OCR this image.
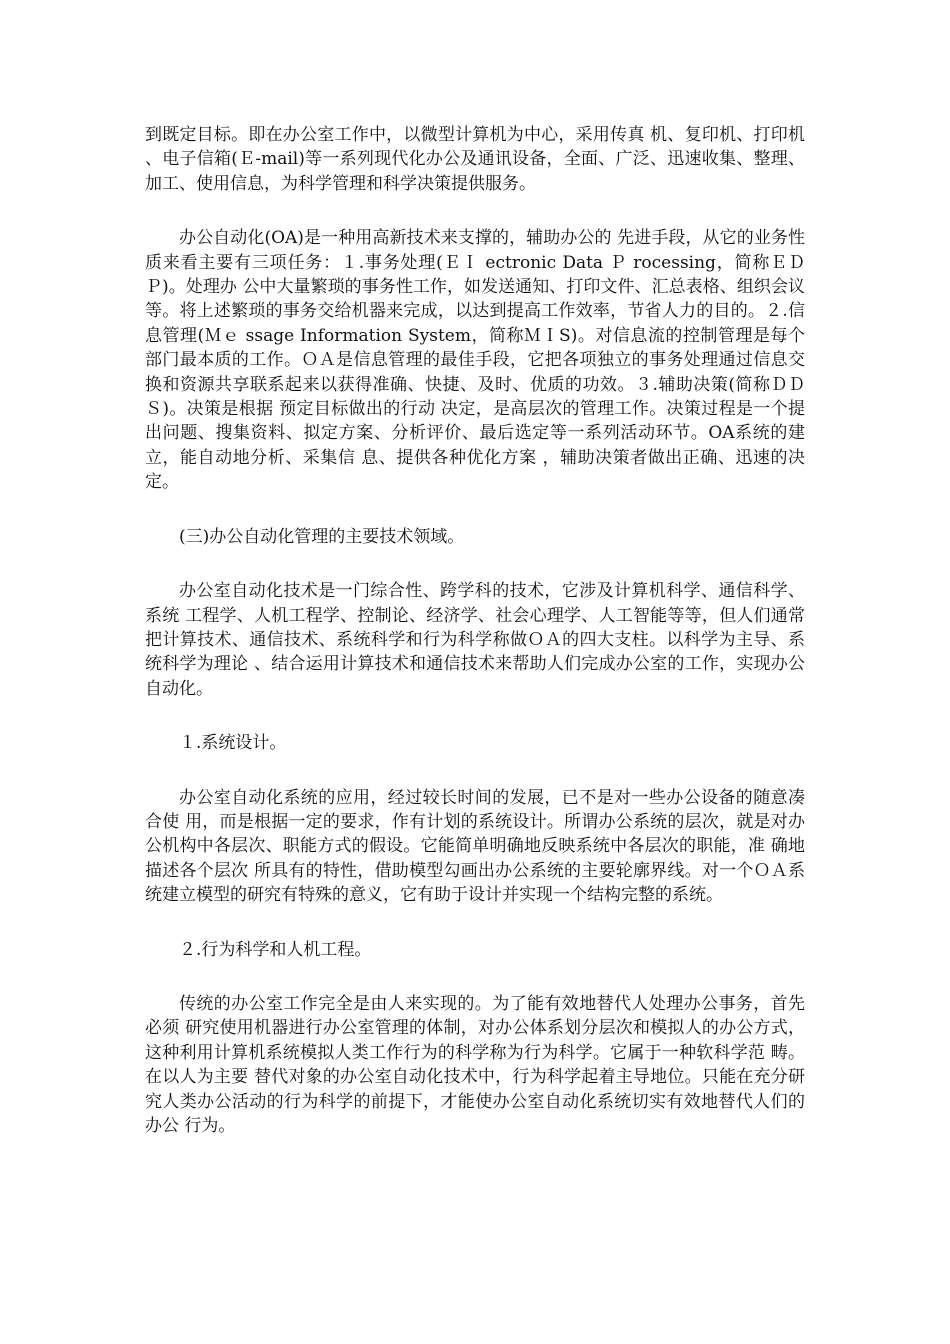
到既定目标。即在办公室工作中，以微型计算机为中心，采用传真 机、复印机、打印机 、电子信箱(Ｅ-mail)等一系列现代化办公及通讯设备，全面、广泛、迅速收集、整理、加工、使用信息，为科学管理和科学决策提供服务。

办公自动化(OA)是一种用高新技术来支撑的，辅助办公的 先进手段，从它的业务性质来看主要有三项任务：１.事务处理(ＥＩ ectronic Data Ｐ rocessing，简称ＥＤＰ)。处理办 公中大量繁琐的事务性工作，如发送通知、打印文件、汇总表格、组织会议等。将上述繁琐的事务交给机器来完成，以达到提高工作效率，节省人力的目的。２.信 息管理(Ｍｅ ssage Information System，简称ＭＩS)。对信息流的控制管理是每个部门最本质的工作。ＯＡ是信息管理的最佳手段，它把各项独立的事务处理通过信息交换和资源共享联系起来以获得准确、快捷、及时、优质的功效。３.辅助决策(简称ＤＤＳ)。决策是根据 预定目标做出的行动 决定，是高层次的管理工作。决策过程是一个提出问题、搜集资料、拟定方案、分析评价、最后选定等一系列活动环节。OA系统的建立，能自动地分析、采集信 息、提供各种优化方案 ，辅助决策者做出正确、迅速的决定。

(三)办公自动化管理的主要技术领域。

办公室自动化技术是一门综合性、跨学科的技术，它涉及计算机科学、通信科学、系统 工程学、人机工程学、控制论、经济学、社会心理学、人工智能等等，但人们通常把计算技术、通信技术、系统科学和行为科学称做ＯＡ的四大支柱。以科学为主导、系统科学为理论 、结合运用计算技术和通信技术来帮助人们完成办公室的工作，实现办公自动化。

１.系统设计。

办公室自动化系统的应用，经过较长时间的发展，已不是对一些办公设备的随意凑合使 用，而是根据一定的要求，作有计划的系统设计。所谓办公系统的层次，就是对办公机构中各层次、职能方式的假设。它能简单明确地反映系统中各层次的职能，准 确地描述各个层次 所具有的特性，借助模型勾画出办公系统的主要轮廓界线。对一个ＯＡ系统建立模型的研究有特殊的意义，它有助于设计并实现一个结构完整的系统。

２.行为科学和人机工程。

传统的办公室工作完全是由人来实现的。为了能有效地替代人处理办公事务，首先必须 研究使用机器进行办公室管理的体制，对办公体系划分层次和模拟人的办公方式，这种利用计算机系统模拟人类工作行为的科学称为行为科学。它属于一种软科学范 畴。在以人为主要 替代对象的办公室自动化技术中，行为科学起着主导地位。只能在充分研究人类办公活动的行为科学的前提下，才能使办公室自动化系统切实有效地替代人们的办公 行为。
